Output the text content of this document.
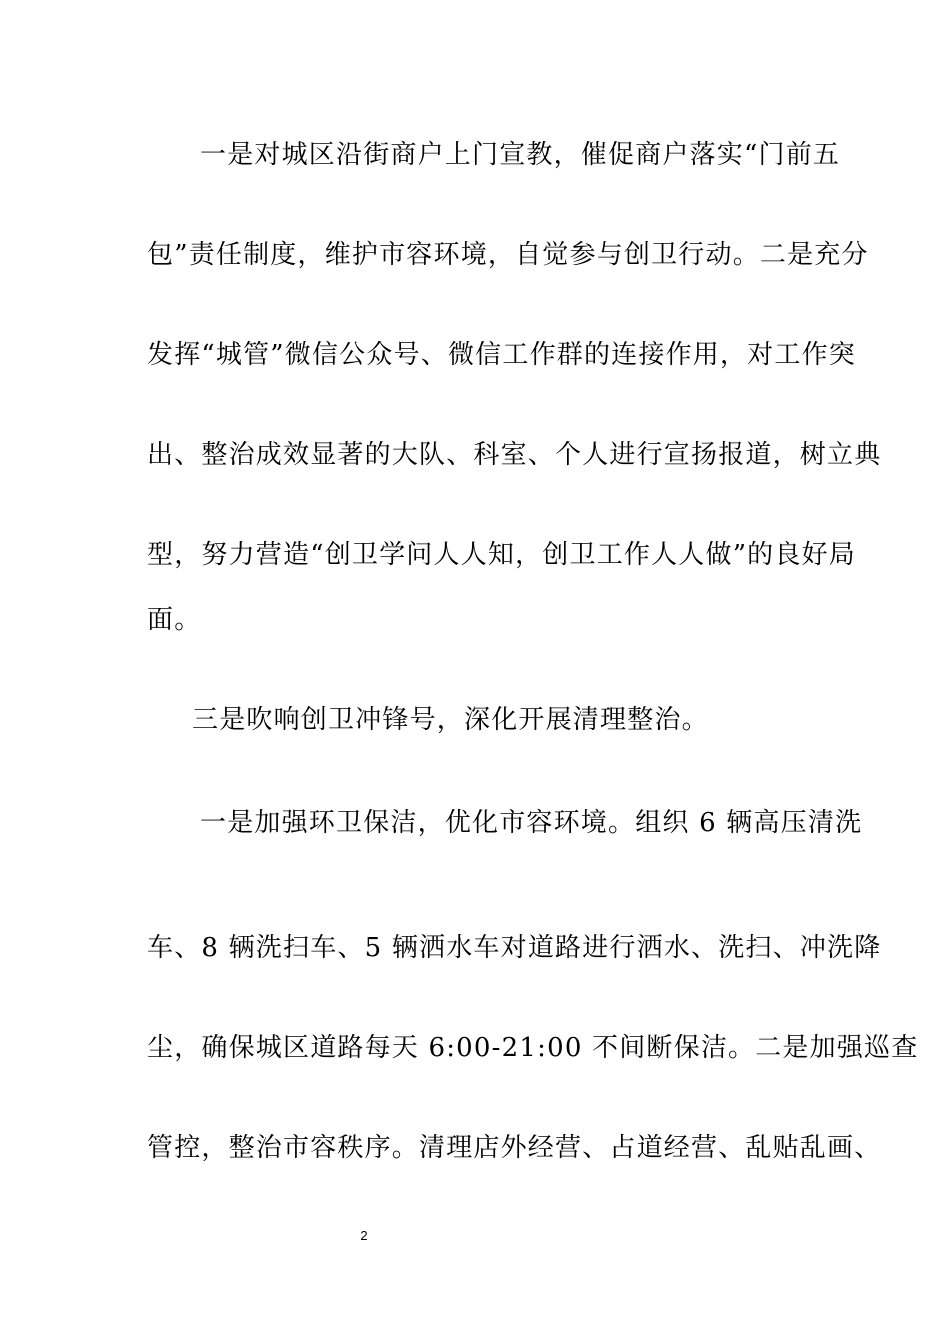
一是对城区沿街商户上门宣教，催促商户落实“门前五
包”责任制度，维护市容环境，自觉参与创卫行动。二是充分
发挥“城管”微信公众号、微信工作群的连接作用，对工作突
出、整治成效显著的大队、科室、个人进行宣扬报道，树立典
型，努力营造“创卫学问人人知，创卫工作人人做”的良好局
面。
三是吹响创卫冲锋号，深化开展清理整治。
一是加强环卫保洁，优化市容环境。组织 6 辆高压清洗
车、8 辆洗扫车、5 辆洒水车对道路进行洒水、洗扫、冲洗降
尘，确保城区道路每天 6:00-21:00 不间断保洁。二是加强巡查
管控，整治市容秩序。清理店外经营、占道经营、乱贴乱画、
2
